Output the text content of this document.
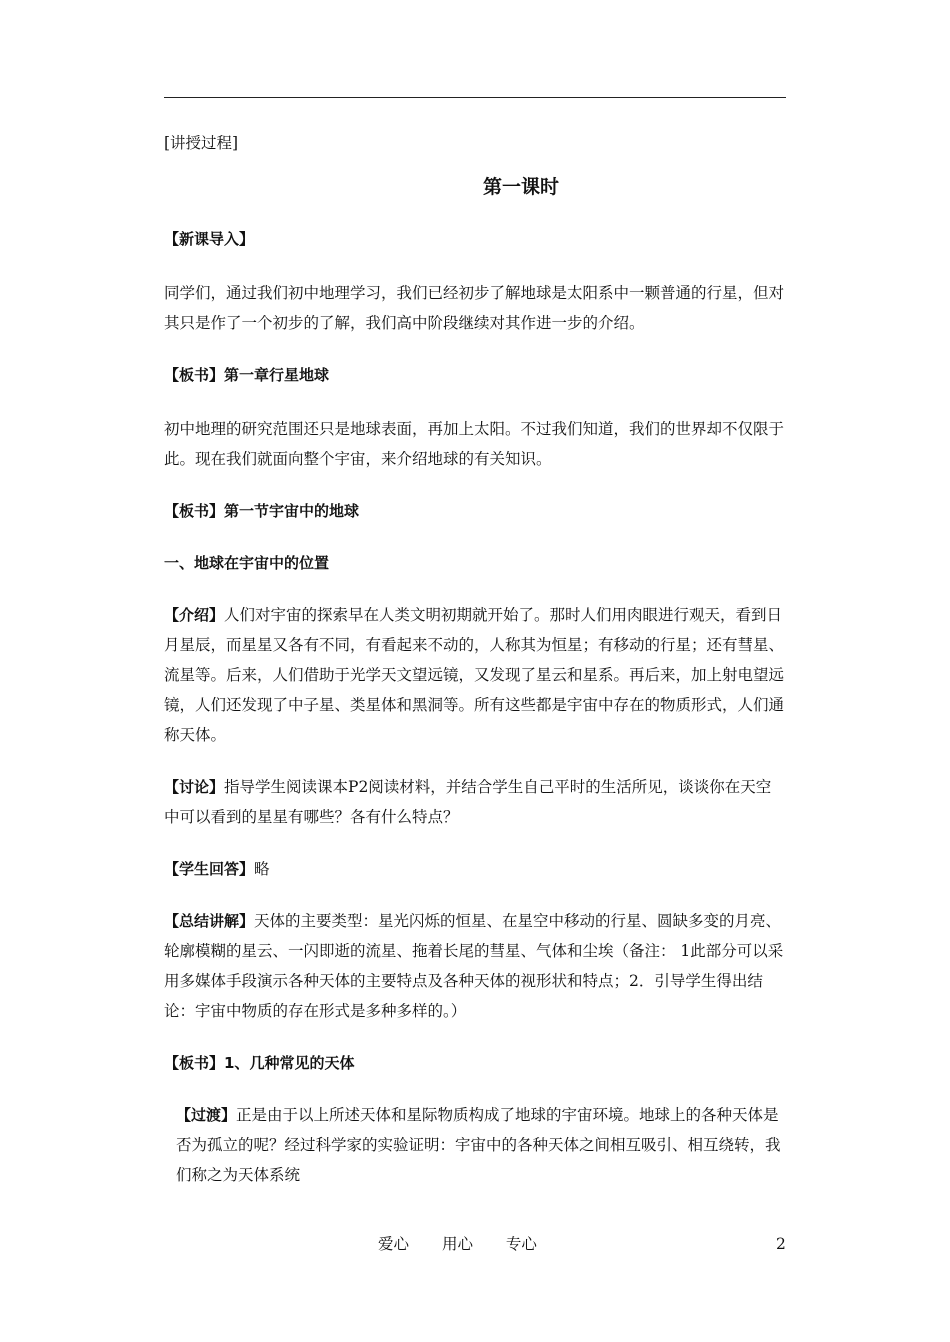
[讲授过程]

第一课时

【新课导入】

同学们，通过我们初中地理学习，我们已经初步了解地球是太阳系中一颗普通的行星，但对其只是作了一个初步的了解，我们高中阶段继续对其作进一步的介绍。

【板书】第一章行星地球

初中地理的研究范围还只是地球表面，再加上太阳。不过我们知道，我们的世界却不仅限于此。现在我们就面向整个宇宙，来介绍地球的有关知识。

【板书】第一节宇宙中的地球

一、地球在宇宙中的位置

【介绍】人们对宇宙的探索早在人类文明初期就开始了。那时人们用肉眼进行观天，看到日月星辰，而星星又各有不同，有看起来不动的，人称其为恒星；有移动的行星；还有彗星、流星等。后来，人们借助于光学天文望远镜，又发现了星云和星系。再后来，加上射电望远镜，人们还发现了中子星、类星体和黑洞等。所有这些都是宇宙中存在的物质形式，人们通称天体。

【讨论】指导学生阅读课本P2阅读材料，并结合学生自己平时的生活所见，谈谈你在天空中可以看到的星星有哪些？各有什么特点？

【学生回答】略

【总结讲解】天体的主要类型：星光闪烁的恒星、在星空中移动的行星、圆缺多变的月亮、轮廓模糊的星云、一闪即逝的流星、拖着长尾的彗星、气体和尘埃（备注： 1此部分可以采用多媒体手段演示各种天体的主要特点及各种天体的视形状和特点；2．引导学生得出结论：宇宙中物质的存在形式是多种多样的。）

【板书】1、几种常见的天体

【过渡】正是由于以上所述天体和星际物质构成了地球的宇宙环境。地球上的各种天体是否为孤立的呢？经过科学家的实验证明：宇宙中的各种天体之间相互吸引、相互绕转，我们称之为天体系统

爱心 用心 专心	2
